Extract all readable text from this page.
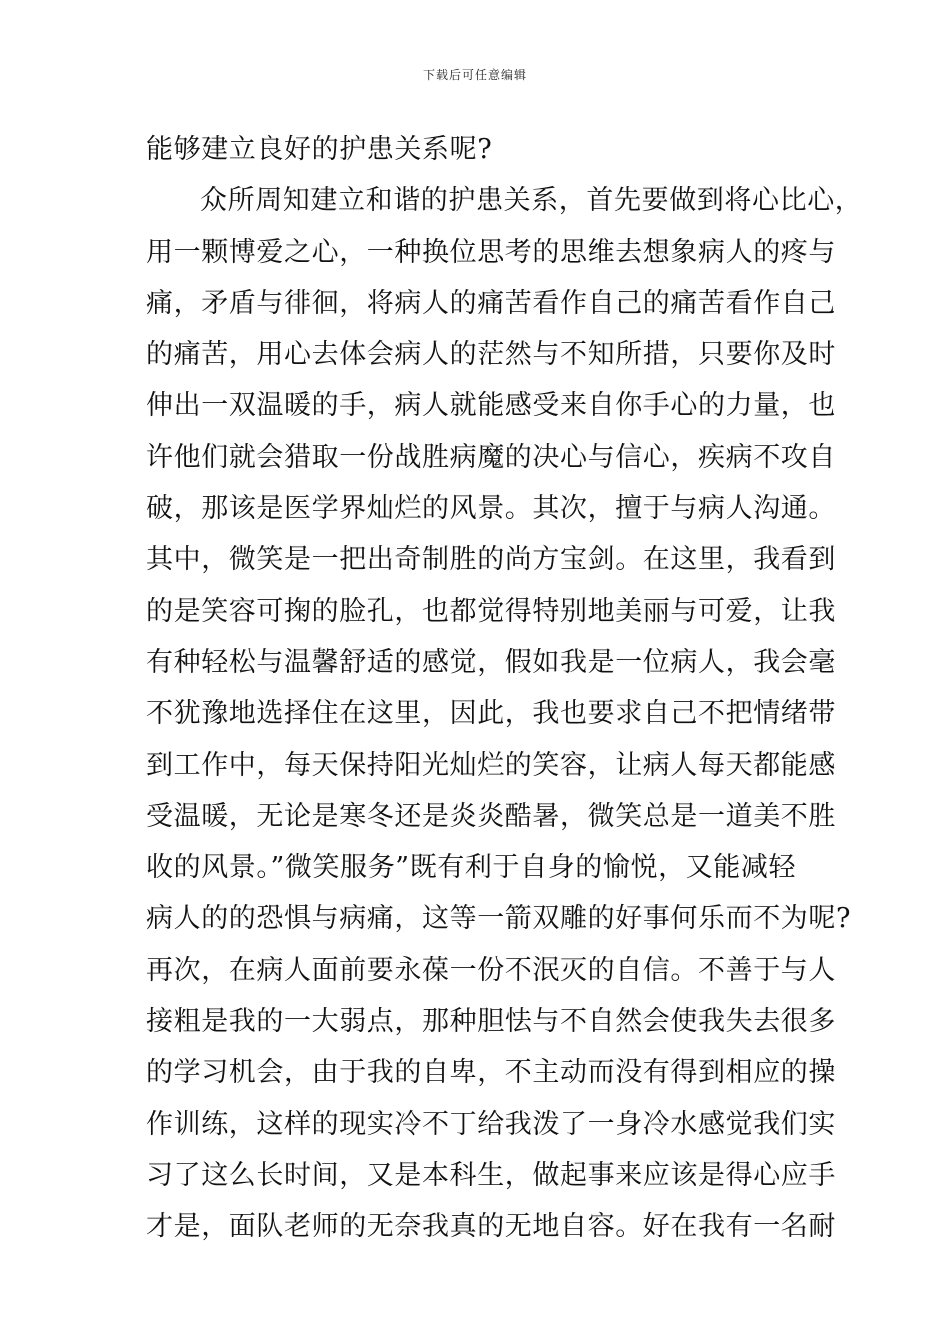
下载后可任意编辑
能够建立良好的护患关系呢?
众所周知建立和谐的护患关系，首先要做到将心比心，
用一颗博爱之心，一种换位思考的思维去想象病人的疼与
痛，矛盾与徘徊，将病人的痛苦看作自己的痛苦看作自己
的痛苦，用心去体会病人的茫然与不知所措，只要你及时
伸出一双温暖的手，病人就能感受来自你手心的力量，也
许他们就会猎取一份战胜病魔的决心与信心，疾病不攻自
破，那该是医学界灿烂的风景。其次，擅于与病人沟通。
其中，微笑是一把出奇制胜的尚方宝剑。在这里，我看到
的是笑容可掬的脸孔，也都觉得特别地美丽与可爱，让我
有种轻松与温馨舒适的感觉，假如我是一位病人，我会毫
不犹豫地选择住在这里，因此，我也要求自己不把情绪带
到工作中，每天保持阳光灿烂的笑容，让病人每天都能感
受温暖，无论是寒冬还是炎炎酷暑，微笑总是一道美不胜
收的风景。”微笑服务”既有利于自身的愉悦，又能减轻
病人的的恐惧与病痛，这等一箭双雕的好事何乐而不为呢?
再次，在病人面前要永葆一份不泯灭的自信。不善于与人
接粗是我的一大弱点，那种胆怯与不自然会使我失去很多
的学习机会，由于我的自卑，不主动而没有得到相应的操
作训练，这样的现实冷不丁给我泼了一身冷水感觉我们实
习了这么长时间，又是本科生，做起事来应该是得心应手
才是，面队老师的无奈我真的无地自容。好在我有一名耐
